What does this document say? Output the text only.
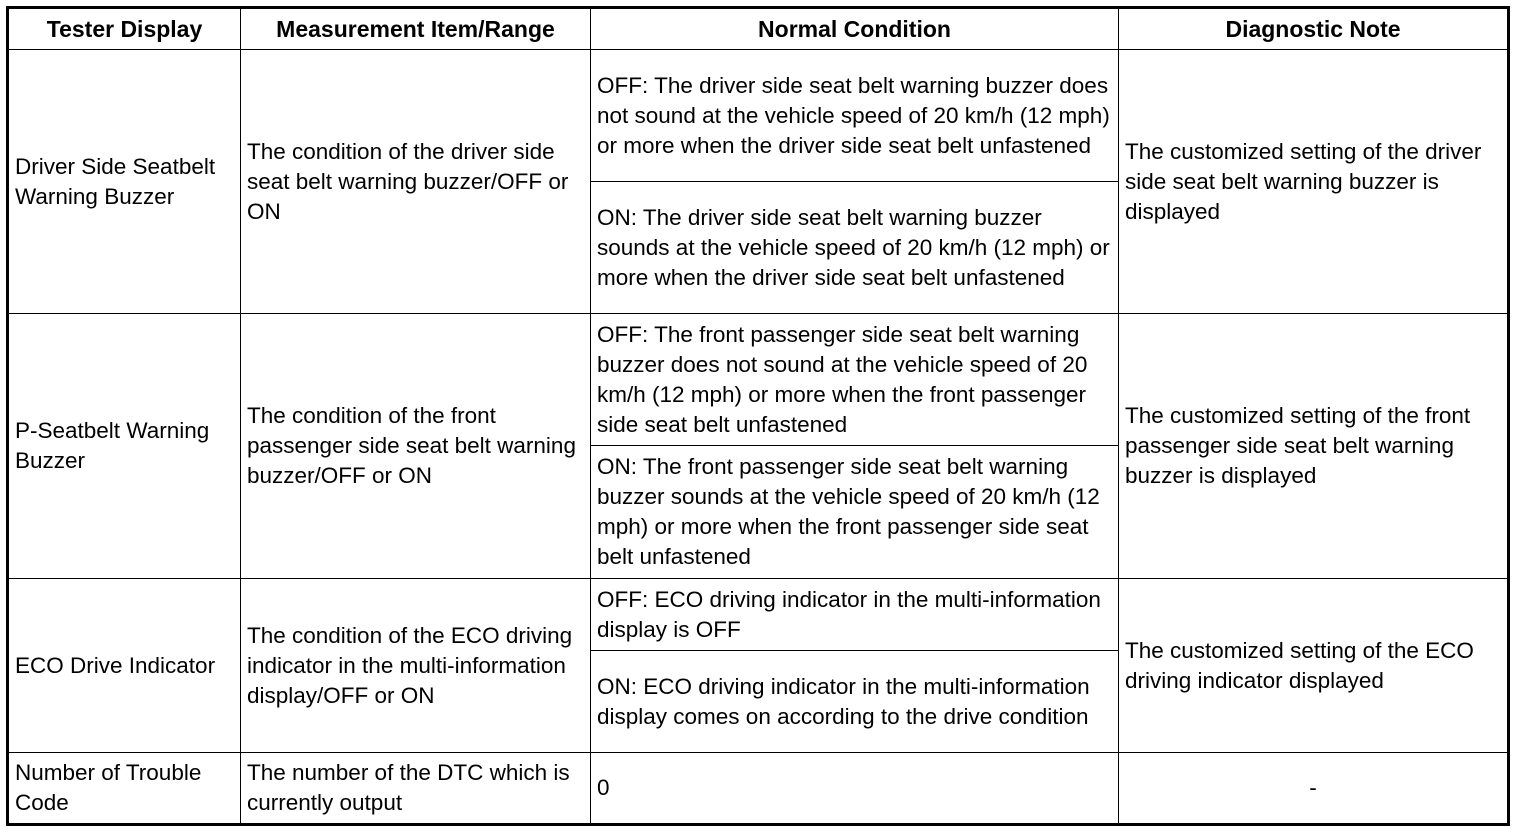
Tester Display	Measurement Item/Range	Normal Condition	Diagnostic Note
Driver Side Seatbelt Warning Buzzer	The condition of the driver side seat belt warning buzzer/OFF or ON	OFF: The driver side seat belt warning buzzer does not sound at the vehicle speed of 20 km/h (12 mph) or more when the driver side seat belt unfastened	The customized setting of the driver side seat belt warning buzzer is displayed
		ON: The driver side seat belt warning buzzer sounds at the vehicle speed of 20 km/h (12 mph) or more when the driver side seat belt unfastened	
P-Seatbelt Warning Buzzer	The condition of the front passenger side seat belt warning buzzer/OFF or ON	OFF: The front passenger side seat belt warning buzzer does not sound at the vehicle speed of 20 km/h (12 mph) or more when the front passenger side seat belt unfastened	The customized setting of the front passenger side seat belt warning buzzer is displayed
		ON: The front passenger side seat belt warning buzzer sounds at the vehicle speed of 20 km/h (12 mph) or more when the front passenger side seat belt unfastened	
ECO Drive Indicator	The condition of the ECO driving indicator in the multi-information display/OFF or ON	OFF: ECO driving indicator in the multi-information display is OFF	The customized setting of the ECO driving indicator displayed
		ON: ECO driving indicator in the multi-information display comes on according to the drive condition	
Number of Trouble Code	The number of the DTC which is currently output	0	-
